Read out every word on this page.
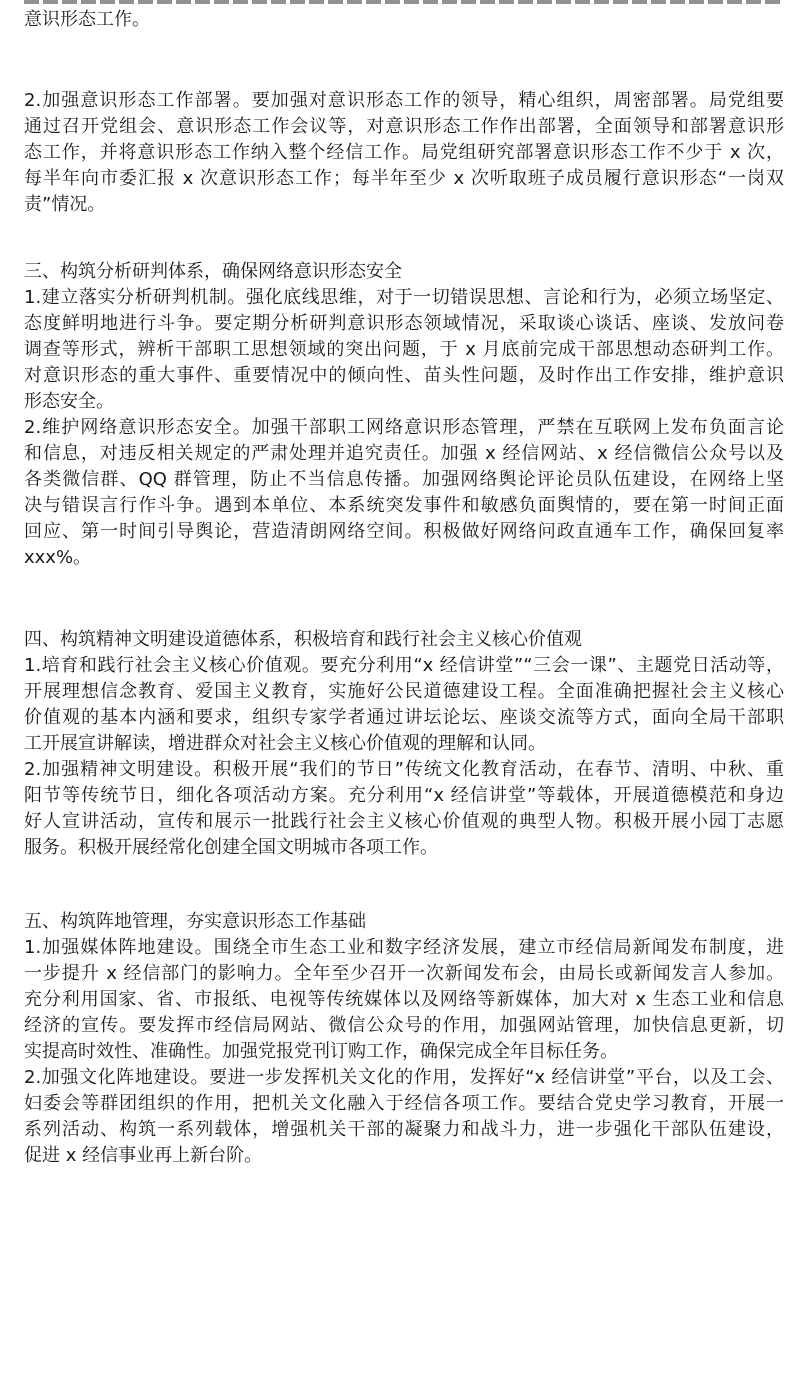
意识形态工作。
2.加强意识形态工作部署。要加强对意识形态工作的领导，精心组织，周密部署。局党组要
通过召开党组会、意识形态工作会议等，对意识形态工作作出部署，全面领导和部署意识形
态工作，并将意识形态工作纳入整个经信工作。局党组研究部署意识形态工作不少于 x 次，
每半年向市委汇报 x 次意识形态工作；每半年至少 x 次听取班子成员履行意识形态“一岗双
责”情况。
三、构筑分析研判体系，确保网络意识形态安全
1.建立落实分析研判机制。强化底线思维，对于一切错误思想、言论和行为，必须立场坚定、
态度鲜明地进行斗争。要定期分析研判意识形态领域情况，采取谈心谈话、座谈、发放问卷
调查等形式，辨析干部职工思想领域的突出问题，于 x 月底前完成干部思想动态研判工作。
对意识形态的重大事件、重要情况中的倾向性、苗头性问题，及时作出工作安排，维护意识
形态安全。
2.维护网络意识形态安全。加强干部职工网络意识形态管理，严禁在互联网上发布负面言论
和信息，对违反相关规定的严肃处理并追究责任。加强 x 经信网站、x 经信微信公众号以及
各类微信群、QQ 群管理，防止不当信息传播。加强网络舆论评论员队伍建设，在网络上坚
决与错误言行作斗争。遇到本单位、本系统突发事件和敏感负面舆情的，要在第一时间正面
回应、第一时间引导舆论，营造清朗网络空间。积极做好网络问政直通车工作，确保回复率
xxx%。
四、构筑精神文明建设道德体系，积极培育和践行社会主义核心价值观
1.培育和践行社会主义核心价值观。要充分利用“x 经信讲堂”“三会一课”、主题党日活动等，
开展理想信念教育、爱国主义教育，实施好公民道德建设工程。全面准确把握社会主义核心
价值观的基本内涵和要求，组织专家学者通过讲坛论坛、座谈交流等方式，面向全局干部职
工开展宣讲解读，增进群众对社会主义核心价值观的理解和认同。
2.加强精神文明建设。积极开展“我们的节日”传统文化教育活动，在春节、清明、中秋、重
阳节等传统节日，细化各项活动方案。充分利用“x 经信讲堂”等载体，开展道德模范和身边
好人宣讲活动，宣传和展示一批践行社会主义核心价值观的典型人物。积极开展小园丁志愿
服务。积极开展经常化创建全国文明城市各项工作。
五、构筑阵地管理，夯实意识形态工作基础
1.加强媒体阵地建设。围绕全市生态工业和数字经济发展，建立市经信局新闻发布制度，进
一步提升 x 经信部门的影响力。全年至少召开一次新闻发布会，由局长或新闻发言人参加。
充分利用国家、省、市报纸、电视等传统媒体以及网络等新媒体，加大对 x 生态工业和信息
经济的宣传。要发挥市经信局网站、微信公众号的作用，加强网站管理，加快信息更新，切
实提高时效性、准确性。加强党报党刊订购工作，确保完成全年目标任务。
2.加强文化阵地建设。要进一步发挥机关文化的作用，发挥好“x 经信讲堂”平台，以及工会、
妇委会等群团组织的作用，把机关文化融入于经信各项工作。要结合党史学习教育，开展一
系列活动、构筑一系列载体，增强机关干部的凝聚力和战斗力，进一步强化干部队伍建设，
促进 x 经信事业再上新台阶。
